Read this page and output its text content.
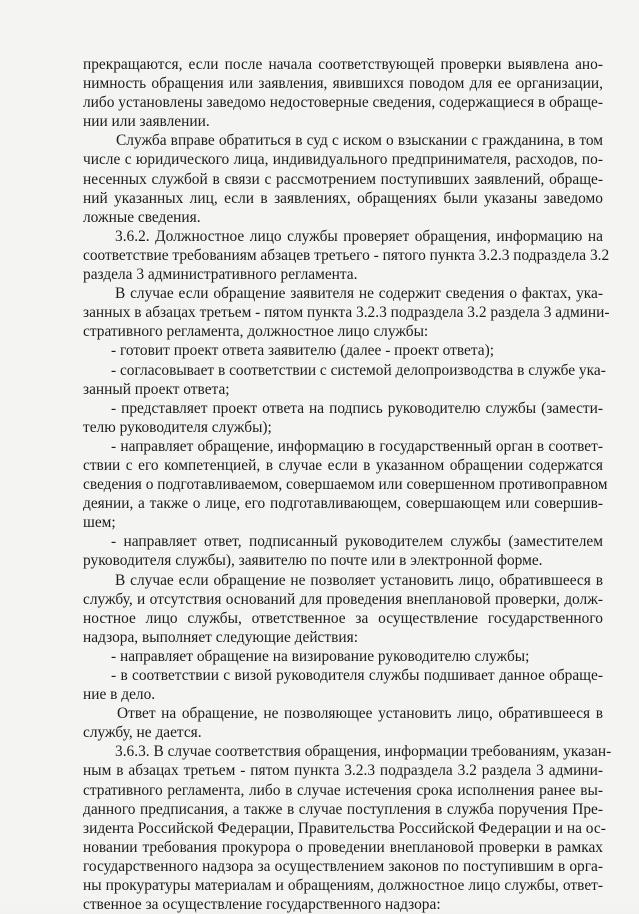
прекращаются, если после начала соответствующей проверки выявлена ано-
нимность обращения или заявления, явившихся поводом для ее организации,
либо установлены заведомо недостоверные сведения, содержащиеся в обраще-
нии или заявлении.
Служба вправе обратиться в суд с иском о взыскании с гражданина, в том
числе с юридического лица, индивидуального предпринимателя, расходов, по-
несенных службой в связи с рассмотрением поступивших заявлений, обраще-
ний указанных лиц, если в заявлениях, обращениях были указаны заведомо
ложные сведения.
3.6.2. Должностное лицо службы проверяет обращения, информацию на
соответствие требованиям абзацев третьего - пятого пункта 3.2.3 подраздела 3.2
раздела 3 административного регламента.
В случае если обращение заявителя не содержит сведения о фактах, ука-
занных в абзацах третьем - пятом пункта 3.2.3 подраздела 3.2 раздела 3 админи-
стративного регламента, должностное лицо службы:
- готовит проект ответа заявителю (далее - проект ответа);
- согласовывает в соответствии с системой делопроизводства в службе ука-
занный проект ответа;
- представляет проект ответа на подпись руководителю службы (замести-
телю руководителя службы);
- направляет обращение, информацию в государственный орган в соответ-
ствии с его компетенцией, в случае если в указанном обращении содержатся
сведения о подготавливаемом, совершаемом или совершенном противоправном
деянии, а также о лице, его подготавливающем, совершающем или совершив-
шем;
- направляет ответ, подписанный руководителем службы (заместителем
руководителя службы), заявителю по почте или в электронной форме.
В случае если обращение не позволяет установить лицо, обратившееся в
службу, и отсутствия оснований для проведения внеплановой проверки, долж-
ностное лицо службы, ответственное за осуществление государственного
надзора, выполняет следующие действия:
- направляет обращение на визирование руководителю службы;
- в соответствии с визой руководителя службы подшивает данное обраще-
ние в дело.
Ответ на обращение, не позволяющее установить лицо, обратившееся в
службу, не дается.
3.6.3. В случае соответствия обращения, информации требованиям, указан-
ным в абзацах третьем - пятом пункта 3.2.3 подраздела 3.2 раздела 3 админи-
стративного регламента, либо в случае истечения срока исполнения ранее вы-
данного предписания, а также в случае поступления в служба поручения Пре-
зидента Российской Федерации, Правительства Российской Федерации и на ос-
новании требования прокурора о проведении внеплановой проверки в рамках
государственного надзора за осуществлением законов по поступившим в орга-
ны прокуратуры материалам и обращениям, должностное лицо службы, ответ-
ственное за осуществление государственного надзора:
